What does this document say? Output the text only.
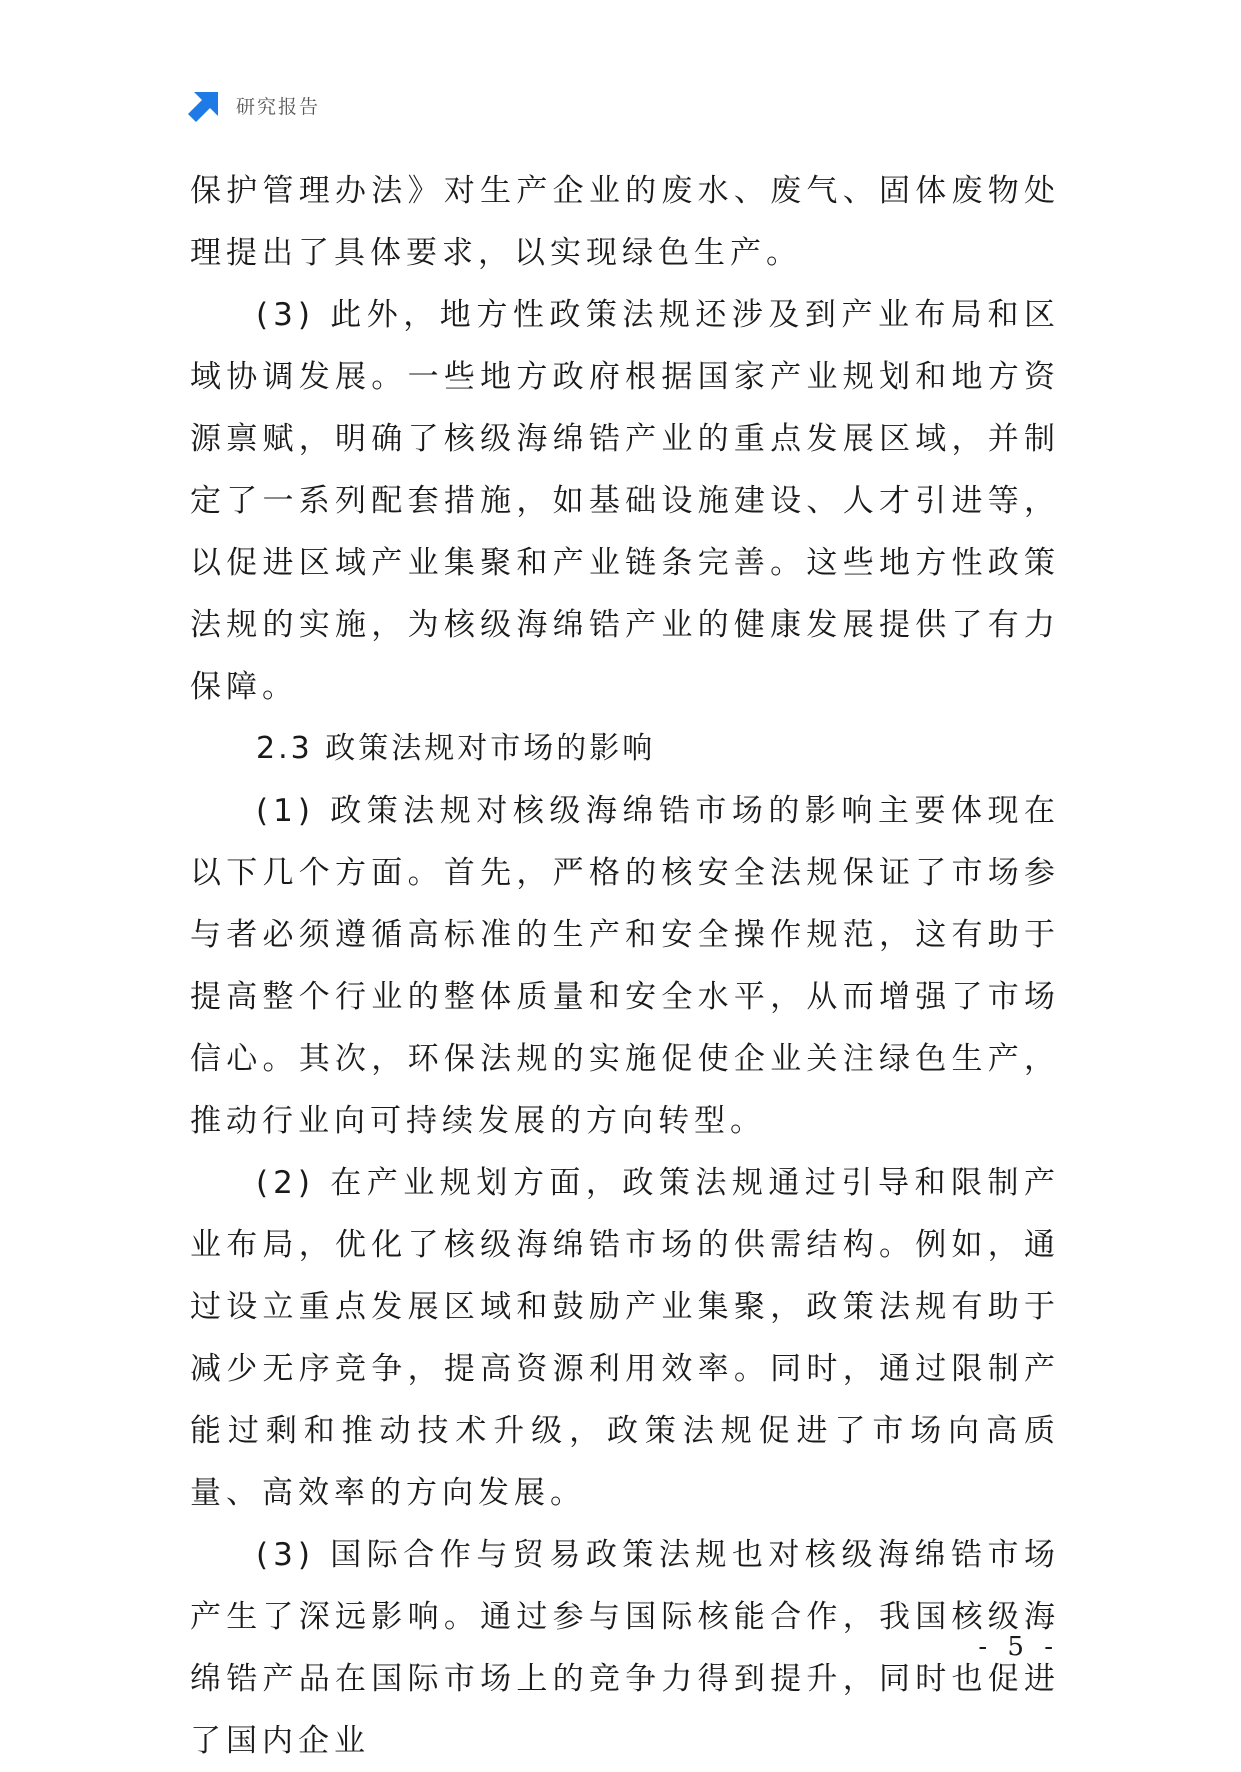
研究报告

保护管理办法》对生产企业的废水、废气、固体废物处理提出了具体要求，以实现绿色生产。

(3) 此外，地方性政策法规还涉及到产业布局和区域协调发展。一些地方政府根据国家产业规划和地方资源禀赋，明确了核级海绵锆产业的重点发展区域，并制定了一系列配套措施，如基础设施建设、人才引进等，以促进区域产业集聚和产业链条完善。这些地方性政策法规的实施，为核级海绵锆产业的健康发展提供了有力保障。

2.3 政策法规对市场的影响

(1) 政策法规对核级海绵锆市场的影响主要体现在以下几个方面。首先，严格的核安全法规保证了市场参与者必须遵循高标准的生产和安全操作规范，这有助于提高整个行业的整体质量和安全水平，从而增强了市场信心。其次，环保法规的实施促使企业关注绿色生产，推动行业向可持续发展的方向转型。

(2) 在产业规划方面，政策法规通过引导和限制产业布局，优化了核级海绵锆市场的供需结构。例如，通过设立重点发展区域和鼓励产业集聚，政策法规有助于减少无序竞争，提高资源利用效率。同时，通过限制产能过剩和推动技术升级，政策法规促进了市场向高质量、高效率的方向发展。

(3) 国际合作与贸易政策法规也对核级海绵锆市场产生了深远影响。通过参与国际核能合作，我国核级海绵锆产品在国际市场上的竞争力得到提升，同时也促进了国内企业

- 5 -
